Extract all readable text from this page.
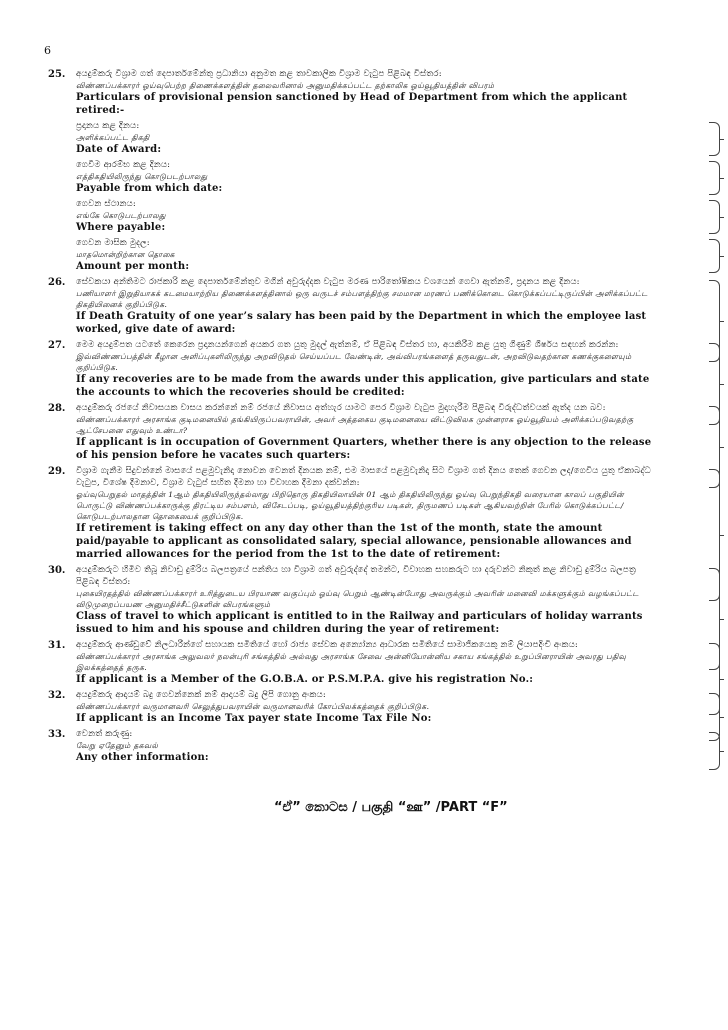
6
25.	අයදුම්කරු විශ්‍රාම ගත් දෙපාර්තමේන්තු ප්‍රධානියා අනුමත කළ තාවකාලික විශ්‍රාම වැටුප පිළිබඳ විස්තර:
விண்ணப்பக்காரர் ஓய்வுபெற்ற திணைக்களத்தின் தலைவரினால் அனுமதிக்கப்பட்ட தற்காலிக ஓய்வூதியத்தின் விபரம்
Particulars of provisional pension sanctioned by Head of Department from which the applicant retired:-
ප්‍රදානය කළ දිනය:
அளிக்கப்பட்ட திகதி
Date of Award:
ගෙවීම ආරම්භ කළ දිනය:
எத்திகதியிலிருந்து கொடுபடற்பாலது
Payable from which date:
ගෙවන ස්ථානය:
எங்கே கொடுபடற்பாலது
Where payable:
ගෙවන මාසික මුදල:
மாதமொன்றிற்கான தொகை
Amount per month:
26.	සේවකයා අන්තිමට රාජකාරි කළ දෙපාර්තමේන්තුව මගින් අවුරුද්දක වැටුප මරණ පාරිතෝෂිකය වශයෙන් ගෙවා ඇත්නම්, ප්‍රදානය කළ දිනය:
பணியாளர் இறுதியாகக் கடமையாற்றிய திணைக்களத்தினால் ஒரு வருடச் சம்பளத்திற்கு சமமான மரணப் பணிக்கொடை கொடுக்கப்பட்டிருப்பின் அளிக்கப்பட்ட திகதியினைக் குறிப்பிடுக.
If Death Gratuity of one year’s salary has been paid by the Department in which the employee last worked, give date of award:
27.	මෙම අයදුම්පත යටතේ කෙරෙන ප්‍රදානයන්ගෙන් අයකර ගත යුතු මුදල් ඇත්නම්, ඒ පිළිබඳ විස්තර හා, අයකිරීම කළ යුතු ගිණුම් ශීර්ෂය සඳහන් කරන්න:
இவ்விண்ணப்பத்தின் கீழான அளிப்புகளிலிருந்து அறவிடுதல் செய்யப்பட வேண்டின், அவ்விபரங்களைத் தருவதுடன், அறவிடுவதற்கான கணக்குகளையும் குறிப்பிடுக.
If any recoveries are to be made from the awards under this application, give particulars and state the accounts to which the recoveries should be credited:
28.	අයදුම්කරු රජයේ නිවාසයක වාසය කරන්නේ නම් රජයේ නිවාසය අත්හැර යාමට පෙර විශ්‍රාම වැටුප මුදාහැරීම පිළිබඳ විරුද්ධත්වයක් ඇත්ද යන බව:
விண்ணப்பக்காரர் அரசாங்க குடிமனையில் தங்கியிருப்பவராயின், அவர் அத்தகைய குடிமனையை விட்டுவிலக முன்னராக ஓய்வூதியம் அளிக்கப்படுவதற்கு ஆட்சேபனை எதுவும் உண்டா?
If applicant is in occupation of Government Quarters, whether there is any objection to the release of his pension before he vacates such quarters:
29.	විශ්‍රාම ගැනීම සිදුවන්නේ මාසයේ පළමුවැනිදා නොවන වෙනත් දිනයක නම්, එම මාසයේ පළමුවැනිදා සිට විශ්‍රාම ගත් දිනය තෙක් ගෙවන ලද/ගෙවිය යුතු ඒකාබද්ධ වැටුප, විශේෂ දීමනාව, විශ්‍රාම වැටුප් සහිත දීමනා හා විවාහක දීමනා දක්වන්න:
ஓய்வுபெறுதல் மாதத்தின் 1ஆம் திகதியிலிருந்தல்லாது பிறிதொரு திகதியிலாயின் 01 ஆம் திகதியிலிருந்து ஓய்வு பெறுந்திகதி வரையான காலப் பகுதியின் பொருட்டு விண்ணப்பக்காருக்கு திரட்டிய சம்பளம், விசேடப்படி, ஓய்வூதியத்திற்குரிய படிகள், திருமணப் படிகள் ஆகியவற்றின் பேரில் கொடுக்கப்பட்ட/கொடுபடற்பாலதான தொகையைக் குறிப்பிடுக.
If retirement is taking effect on any day other than the 1st of the month, state the amount paid/payable to applicant as consolidated salary, special allowance, pensionable allowances and married allowances for the period from the 1st to the date of retirement:
30.	අයදුම්කරුට හිමිව තිබූ නිවාඩු දුම්රිය බලපත්‍රයේ පන්තිය හා විශ්‍රාම ගත් අවුරුද්දේ තමන්ට, විවාහක සහකරුට හා දරුවන්ට නිකුත් කළ නිවාඩු දුම්රිය බලපත්‍ර පිළිබඳ විස්තර:
புகையிரதத்தில் விண்ணப்பக்காரர் உரித்துடைய பிரயாண வகுப்பும் ஓய்வு பெறும் ஆண்டின்போது அவருக்கும் அவரின் மனைவி மக்களுக்கும் வழங்கப்பட்ட விடுமுறைப்பயண அனுமதிச்சீட்டுகளின் விபரங்களும்
Class of travel to which applicant is entitled to in the Railway and particulars of holiday warrants issued to him and his spouse and children during the year of retirement:
31.	අයදුම්කරු ආණ්ඩුවේ නිලධාරීන්ගේ සහායක සමිතියේ හෝ රාජ්‍ය සේවක අන්‍යෝන්‍ය ආධාරක සමිතියේ සාමාජිකයෙකු නම් ලියාපදිංචි අංකය:
விண்ணப்பக்காரர் அரசாங்க அலுவலர் நலன்புரி சங்கத்தில் அல்லது அரசாங்க சேவை அன்னியோன்னிய சகாய சங்கத்தில் உறுப்பினராயின் அவரது பதிவு இலக்கத்தைத் தருக.
If applicant is a Member of the G.O.B.A. or P.S.M.P.A. give his registration No.:
32.	අයදුම්කරු ආදායම් බදු ගෙවන්නෙක් නම් ආදායම් බදු ලිපි ගොනු අංකය:
விண்ணப்பக்காரர் வருமானவரி செலுத்துபவராயின் வருமானவரிக் கோப்பிலக்கத்தைக் குறிப்பிடுக.
If applicant is an Income Tax payer state Income Tax File No:
33.	වෙනත් කරුණු:
வேறு ஏதேனும் தகவல்
Any other information:
“ඒ” කොටස / பகுதி “ஊ” /PART “F”
